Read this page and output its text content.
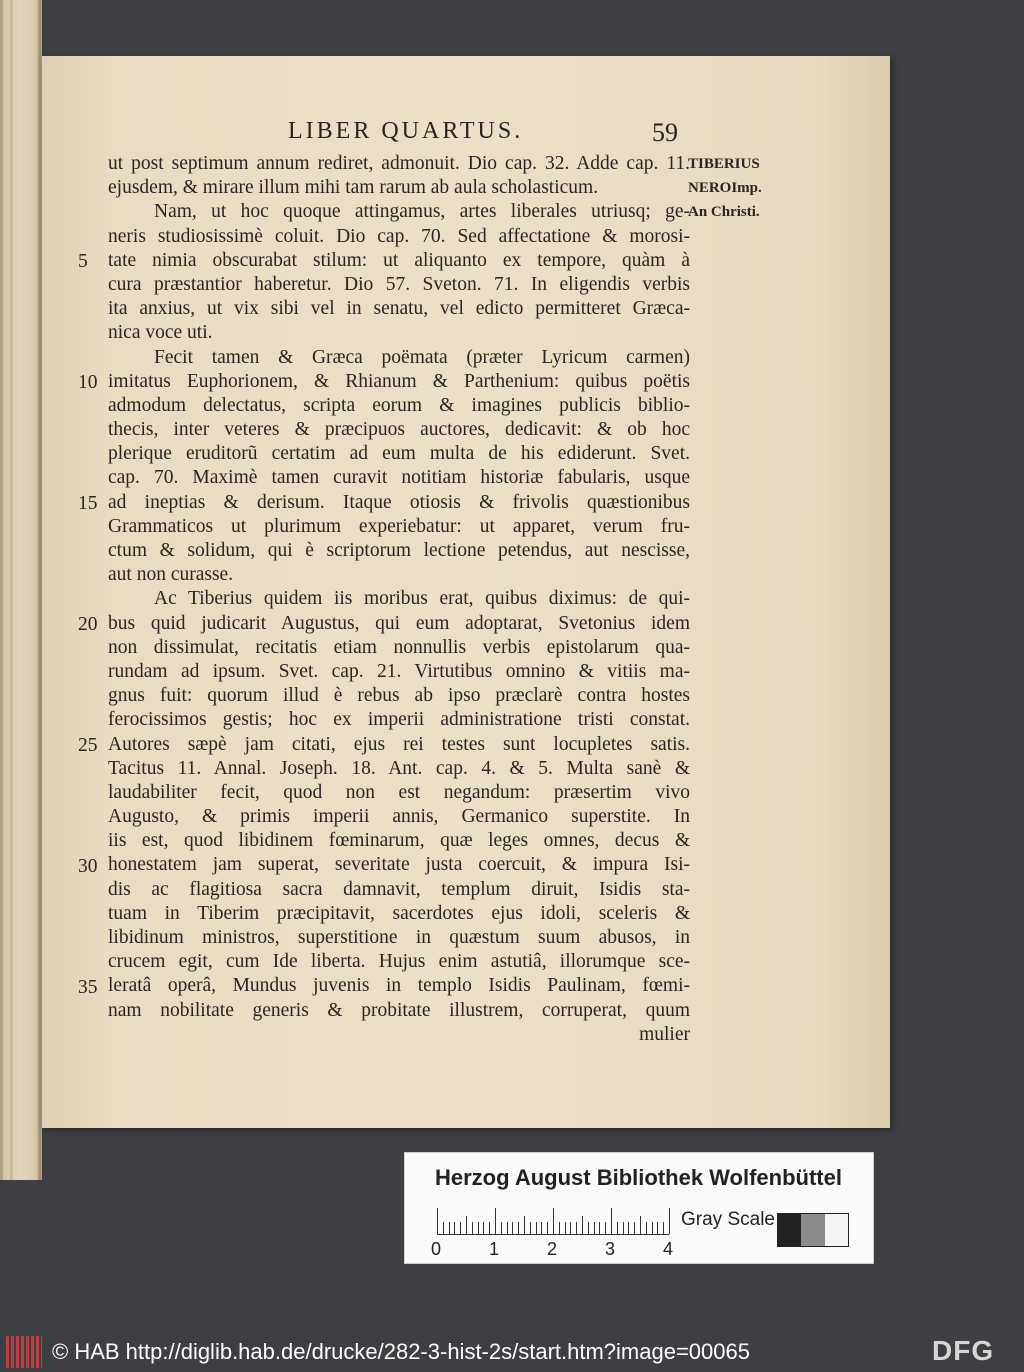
LIBER QUARTUS.	59
TIBERIUS
NEROImp.
An Christi.
5
10
15
20
25
30
35
ut post septimum annum rediret, admonuit. Dio cap. 32. Adde cap. 11.
ejusdem, & mirare illum mihi tam rarum ab aula scholasticum.
Nam, ut hoc quoque attingamus, artes liberales utriusq; ge-
neris studiosissimè coluit. Dio cap. 70. Sed affectatione & morosi-
tate nimia obscurabat stilum: ut aliquanto ex tempore, quàm à
cura præstantior haberetur. Dio 57. Sveton. 71. In eligendis verbis
ita anxius, ut vix sibi vel in senatu, vel edicto permitteret Græca-
nica voce uti.
Fecit tamen & Græca poëmata (præter Lyricum carmen)
imitatus Euphorionem, & Rhianum & Parthenium: quibus poëtis
admodum delectatus, scripta eorum & imagines publicis biblio-
thecis, inter veteres & præcipuos auctores, dedicavit: & ob hoc
plerique eruditorũ certatim ad eum multa de his ediderunt. Svet.
cap. 70. Maximè tamen curavit notitiam historiæ fabularis, usque
ad ineptias & derisum. Itaque otiosis & frivolis quæstionibus
Grammaticos ut plurimum experiebatur: ut apparet, verum fru-
ctum & solidum, qui è scriptorum lectione petendus, aut nescisse,
aut non curasse.
Ac Tiberius quidem iis moribus erat, quibus diximus: de qui-
bus quid judicarit Augustus, qui eum adoptarat, Svetonius idem
non dissimulat, recitatis etiam nonnullis verbis epistolarum qua-
rundam ad ipsum. Svet. cap. 21. Virtutibus omnino & vitiis ma-
gnus fuit: quorum illud è rebus ab ipso præclarè contra hostes
ferocissimos gestis; hoc ex imperii administratione tristi constat.
Autores sæpè jam citati, ejus rei testes sunt locupletes satis.
Tacitus 11. Annal. Joseph. 18. Ant. cap. 4. & 5. Multa sanè &
laudabiliter fecit, quod non est negandum: præsertim vivo
Augusto, & primis imperii annis, Germanico superstite. In
iis est, quod libidinem fœminarum, quæ leges omnes, decus &
honestatem jam superat, severitate justa coercuit, & impura Isi-
dis ac flagitiosa sacra damnavit, templum diruit, Isidis sta-
tuam in Tiberim præcipitavit, sacerdotes ejus idoli, sceleris &
libidinum ministros, superstitione in quæstum suum abusos, in
crucem egit, cum Ide liberta. Hujus enim astutiâ, illorumque sce-
leratâ operâ, Mundus juvenis in templo Isidis Paulinam, fœmi-
nam nobilitate generis & probitate illustrem, corruperat, quum
mulier
Herzog August Bibliothek Wolfenbüttel
0	1	2	3	4
Gray Scale
© HAB http://diglib.hab.de/drucke/282-3-hist-2s/start.htm?image=00065	DFG
